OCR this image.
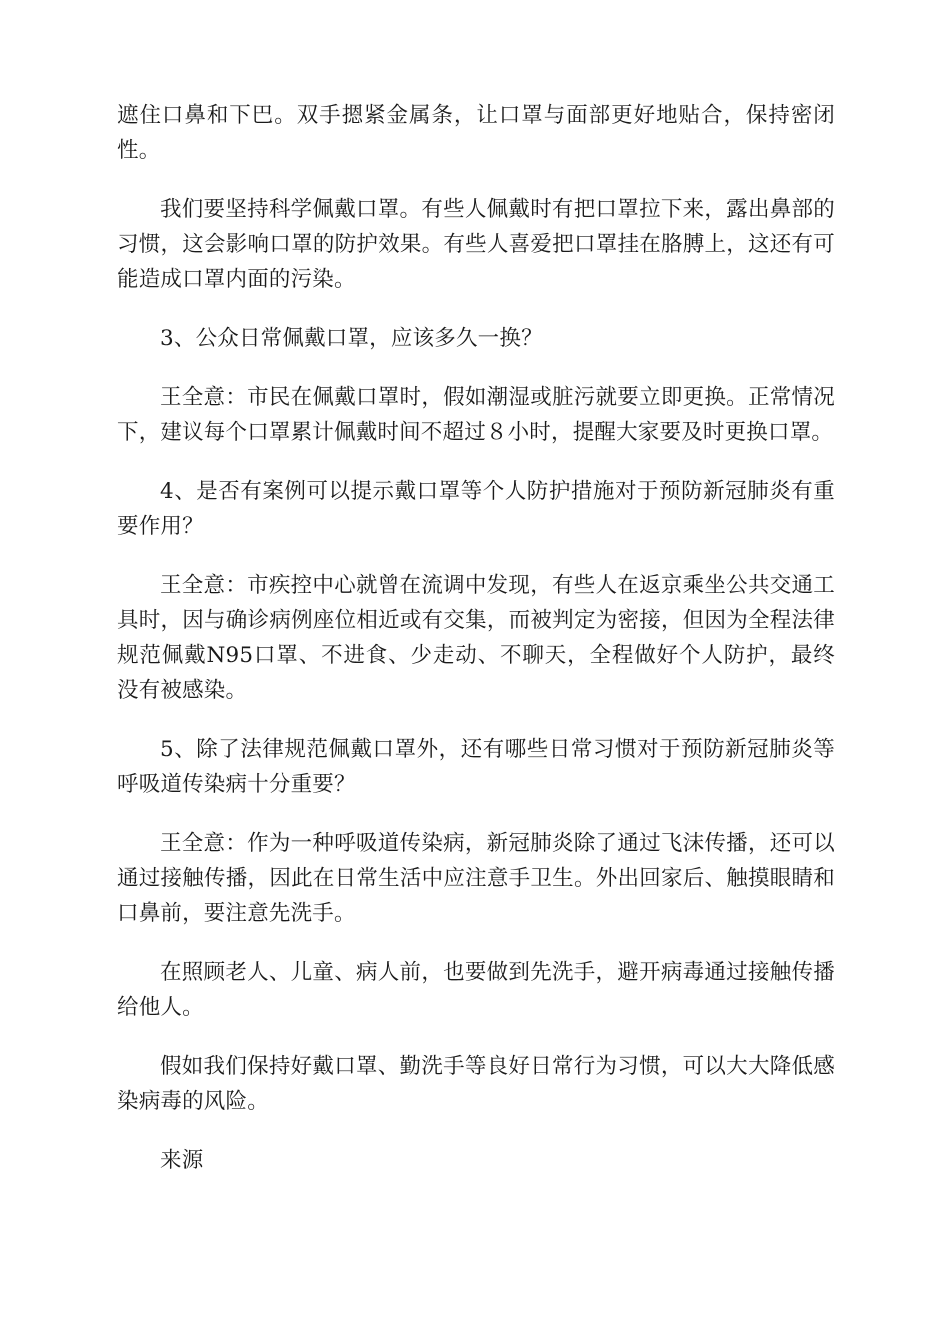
遮住口鼻和下巴。双手摁紧金属条，让口罩与面部更好地贴合，保持密闭性。

我们要坚持科学佩戴口罩。有些人佩戴时有把口罩拉下来，露出鼻部的习惯，这会影响口罩的防护效果。有些人喜爱把口罩挂在胳膊上，这还有可能造成口罩内面的污染。

3、公众日常佩戴口罩，应该多久一换？

王全意：市民在佩戴口罩时，假如潮湿或脏污就要立即更换。正常情况下，建议每个口罩累计佩戴时间不超过８小时，提醒大家要及时更换口罩。

4、是否有案例可以提示戴口罩等个人防护措施对于预防新冠肺炎有重要作用？

王全意：市疾控中心就曾在流调中发现，有些人在返京乘坐公共交通工具时，因与确诊病例座位相近或有交集，而被判定为密接，但因为全程法律规范佩戴N95口罩、不进食、少走动、不聊天，全程做好个人防护，最终没有被感染。

5、除了法律规范佩戴口罩外，还有哪些日常习惯对于预防新冠肺炎等呼吸道传染病十分重要？

王全意：作为一种呼吸道传染病，新冠肺炎除了通过飞沫传播，还可以通过接触传播，因此在日常生活中应注意手卫生。外出回家后、触摸眼睛和口鼻前，要注意先洗手。

在照顾老人、儿童、病人前，也要做到先洗手，避开病毒通过接触传播给他人。

假如我们保持好戴口罩、勤洗手等良好日常行为习惯，可以大大降低感染病毒的风险。

来源
